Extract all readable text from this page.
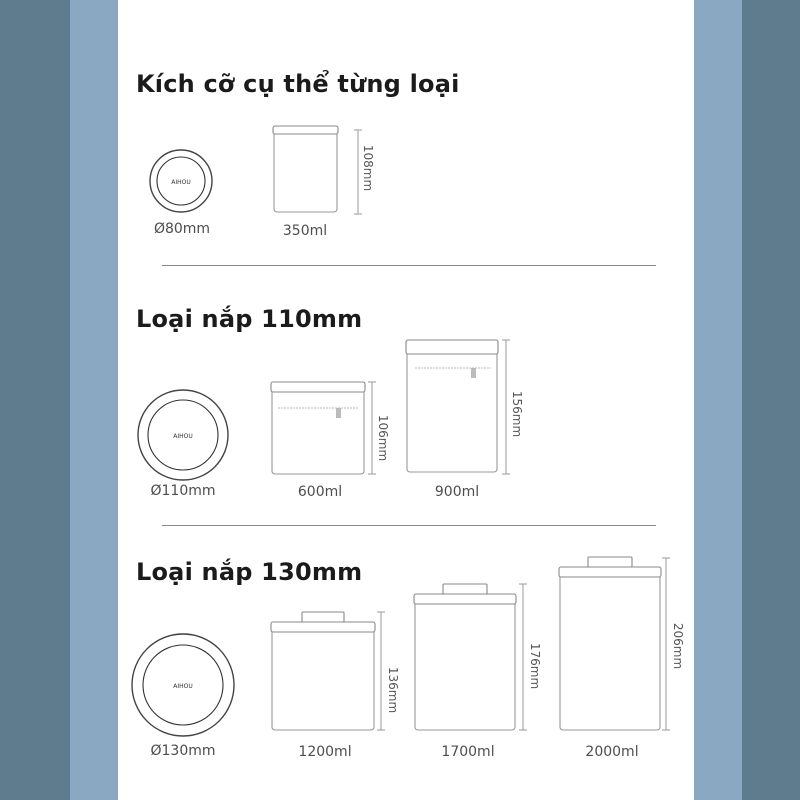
Kích cỡ cụ thể từng loại
AIHOU
Ø80mm
108mm
350ml
Loại nắp 110mm
AIHOU
Ø110mm
106mm
600ml
156mm
900ml
Loại nắp 130mm
AIHOU
Ø130mm
136mm
1200ml
176mm
1700ml
206mm
2000ml
